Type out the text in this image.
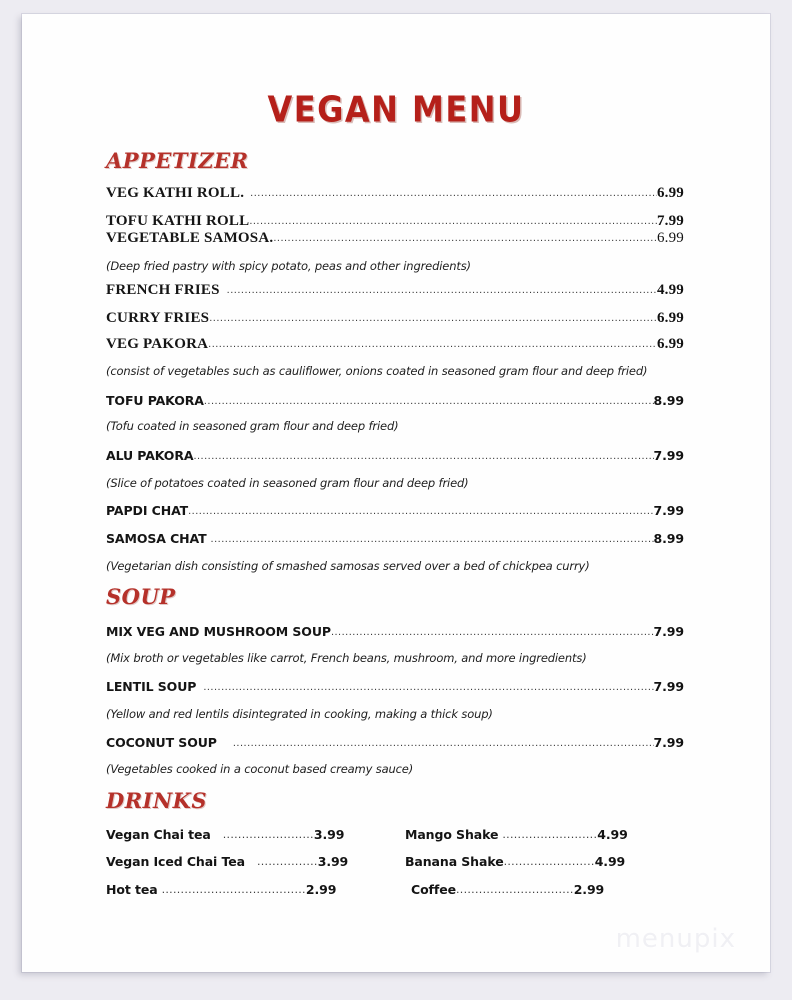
VEGAN MENU
APPETIZER
VEG KATHI ROLL. .....	6.99
TOFU KATHI ROLL .....	7.99
VEGETABLE SAMOSA. .....	6.99
(Deep fried pastry with spicy potato, peas and other ingredients)
FRENCH FRIES .....	4.99
CURRY FRIES .....	6.99
VEG PAKORA .....	6.99
(consist of vegetables such as cauliflower, onions coated in seasoned gram flour and deep fried)
TOFU PAKORA .....	8.99
(Tofu coated in seasoned gram flour and deep fried)
ALU PAKORA .....	7.99
(Slice of potatoes coated in seasoned gram flour and deep fried)
PAPDI CHAT .....	7.99
SAMOSA CHAT .....	8.99
(Vegetarian dish consisting of smashed samosas served over a bed of chickpea curry)
SOUP
MIX VEG AND MUSHROOM SOUP .....	7.99
(Mix broth or vegetables like carrot, French beans, mushroom, and more ingredients)
LENTIL SOUP .....	7.99
(Yellow and red lentils disintegrated in cooking, making a thick soup)
COCONUT SOUP .....	7.99
(Vegetables cooked in a coconut based creamy sauce)
DRINKS
Vegan Chai tea ........................ 3.99
Vegan Iced Chai Tea ................ 3.99
Hot tea ...................................... 2.99
Mango Shake ......................... 4.99
Banana Shake ........................ 4.99
Coffee ............................... 2.99
menupix
